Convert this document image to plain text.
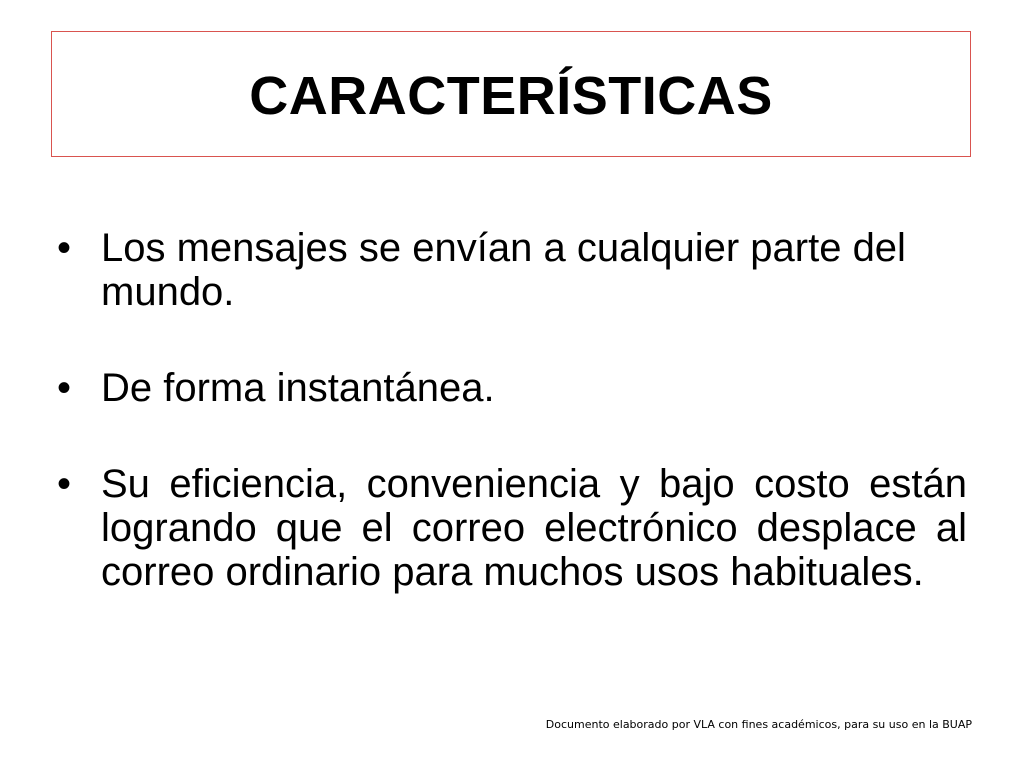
CARACTERÍSTICAS
• Los mensajes se envían a cualquier parte del mundo.
• De forma instantánea.
• Su eficiencia, conveniencia y bajo costo están logrando que el correo electrónico desplace al correo ordinario para muchos usos habituales.
Documento elaborado por VLA con fines académicos, para su uso en la BUAP
